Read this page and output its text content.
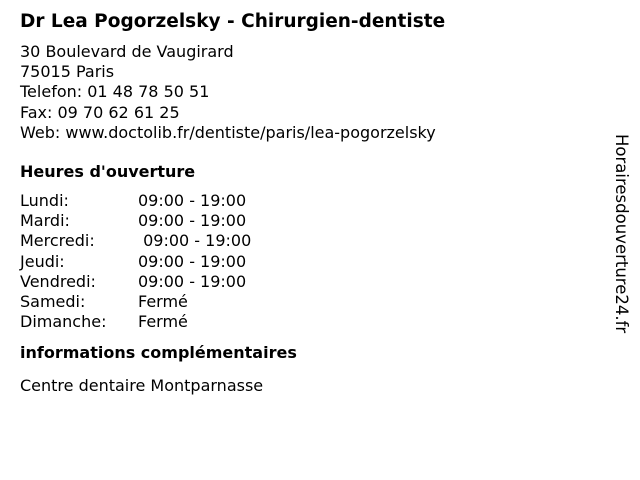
Dr Lea Pogorzelsky - Chirurgien-dentiste
30 Boulevard de Vaugirard
75015 Paris
Telefon: 01 48 78 50 51
Fax: 09 70 62 61 25
Web: www.doctolib.fr/dentiste/paris/lea-pogorzelsky
Heures d'ouverture
Lundi:	09:00 - 19:00
Mardi:	09:00 - 19:00
Mercredi:	09:00 - 19:00
Jeudi:	09:00 - 19:00
Vendredi:	09:00 - 19:00
Samedi:	Fermé
Dimanche:	Fermé
informations complémentaires
Centre dentaire Montparnasse
Horairesdouverture24.fr
